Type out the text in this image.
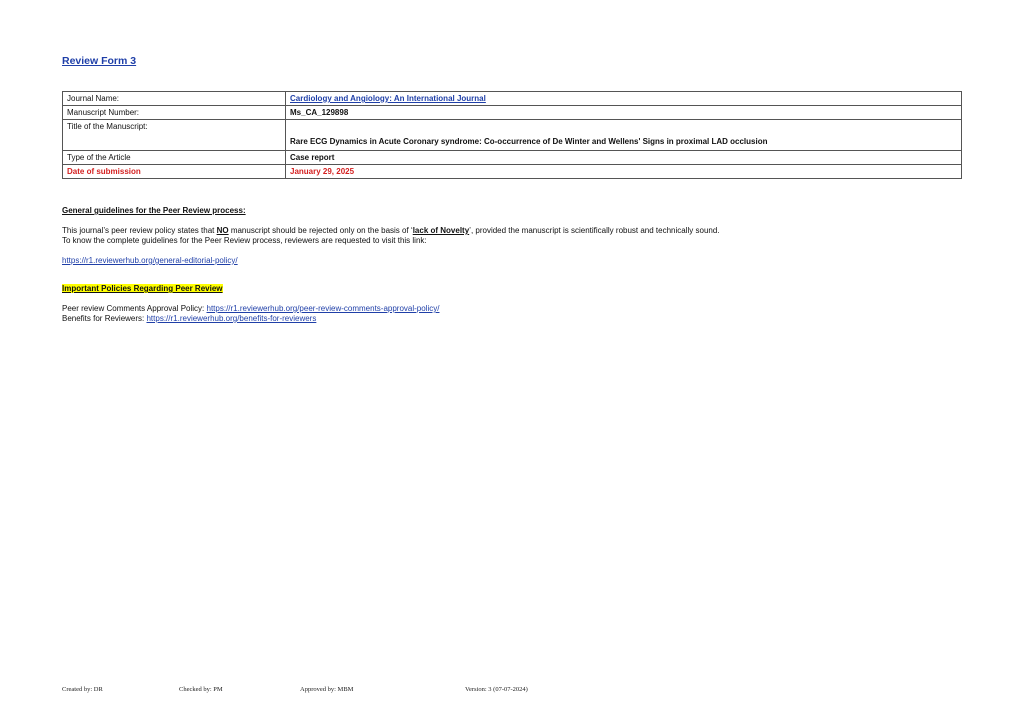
Review Form 3
Journal Name:	Cardiology and Angiology: An International Journal
Manuscript Number:	Ms_CA_129898
Title of the Manuscript:	Rare ECG Dynamics in Acute Coronary syndrome: Co-occurrence of De Winter and Wellens' Signs in proximal LAD occlusion
Type of the Article	Case report
Date of submission	January 29, 2025
General guidelines for the Peer Review process:
This journal’s peer review policy states that NO manuscript should be rejected only on the basis of ‘lack of Novelty’, provided the manuscript is scientifically robust and technically sound.
To know the complete guidelines for the Peer Review process, reviewers are requested to visit this link:
https://r1.reviewerhub.org/general-editorial-policy/
Important Policies Regarding Peer Review
Peer review Comments Approval Policy: https://r1.reviewerhub.org/peer-review-comments-approval-policy/
Benefits for Reviewers: https://r1.reviewerhub.org/benefits-for-reviewers
Created by: DR	Checked by: PM	Approved by: MBM	Version: 3 (07-07-2024)
